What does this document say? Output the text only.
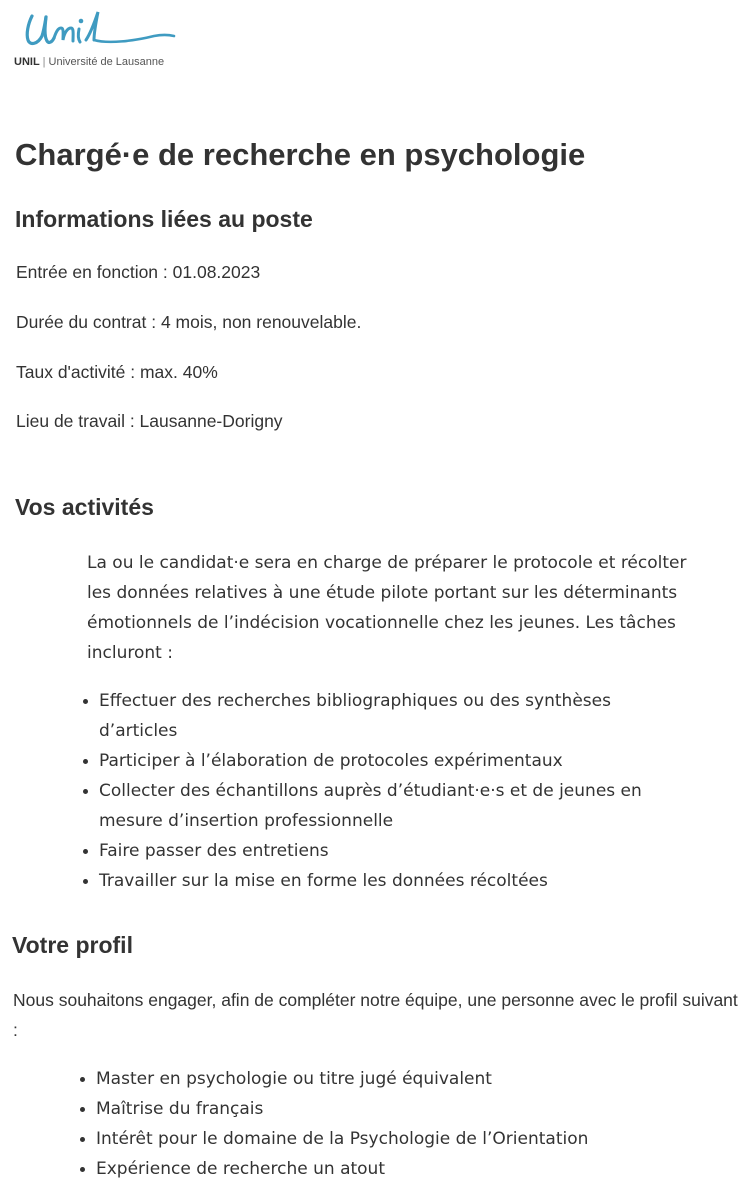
UNIL | Université de Lausanne
Chargé·e de recherche en psychologie
Informations liées au poste

Entrée en fonction : 01.08.2023

Durée du contrat : 4 mois, non renouvelable.

Taux d'activité : max. 40%

Lieu de travail : Lausanne-Dorigny

Vos activités

La ou le candidat·e sera en charge de préparer le protocole et récolter les données relatives à une étude pilote portant sur les déterminants émotionnels de l’indécision vocationnelle chez les jeunes. Les tâches incluront :

Effectuer des recherches bibliographiques ou des synthèses d’articles
Participer à l’élaboration de protocoles expérimentaux
Collecter des échantillons auprès d’étudiant·e·s et de jeunes en mesure d’insertion professionnelle
Faire passer des entretiens
Travailler sur la mise en forme les données récoltées
Votre profil

Nous souhaitons engager, afin de compléter notre équipe, une personne avec le profil suivant :

Master en psychologie ou titre jugé équivalent
Maîtrise du français
Intérêt pour le domaine de la Psychologie de l’Orientation
Expérience de recherche un atout
